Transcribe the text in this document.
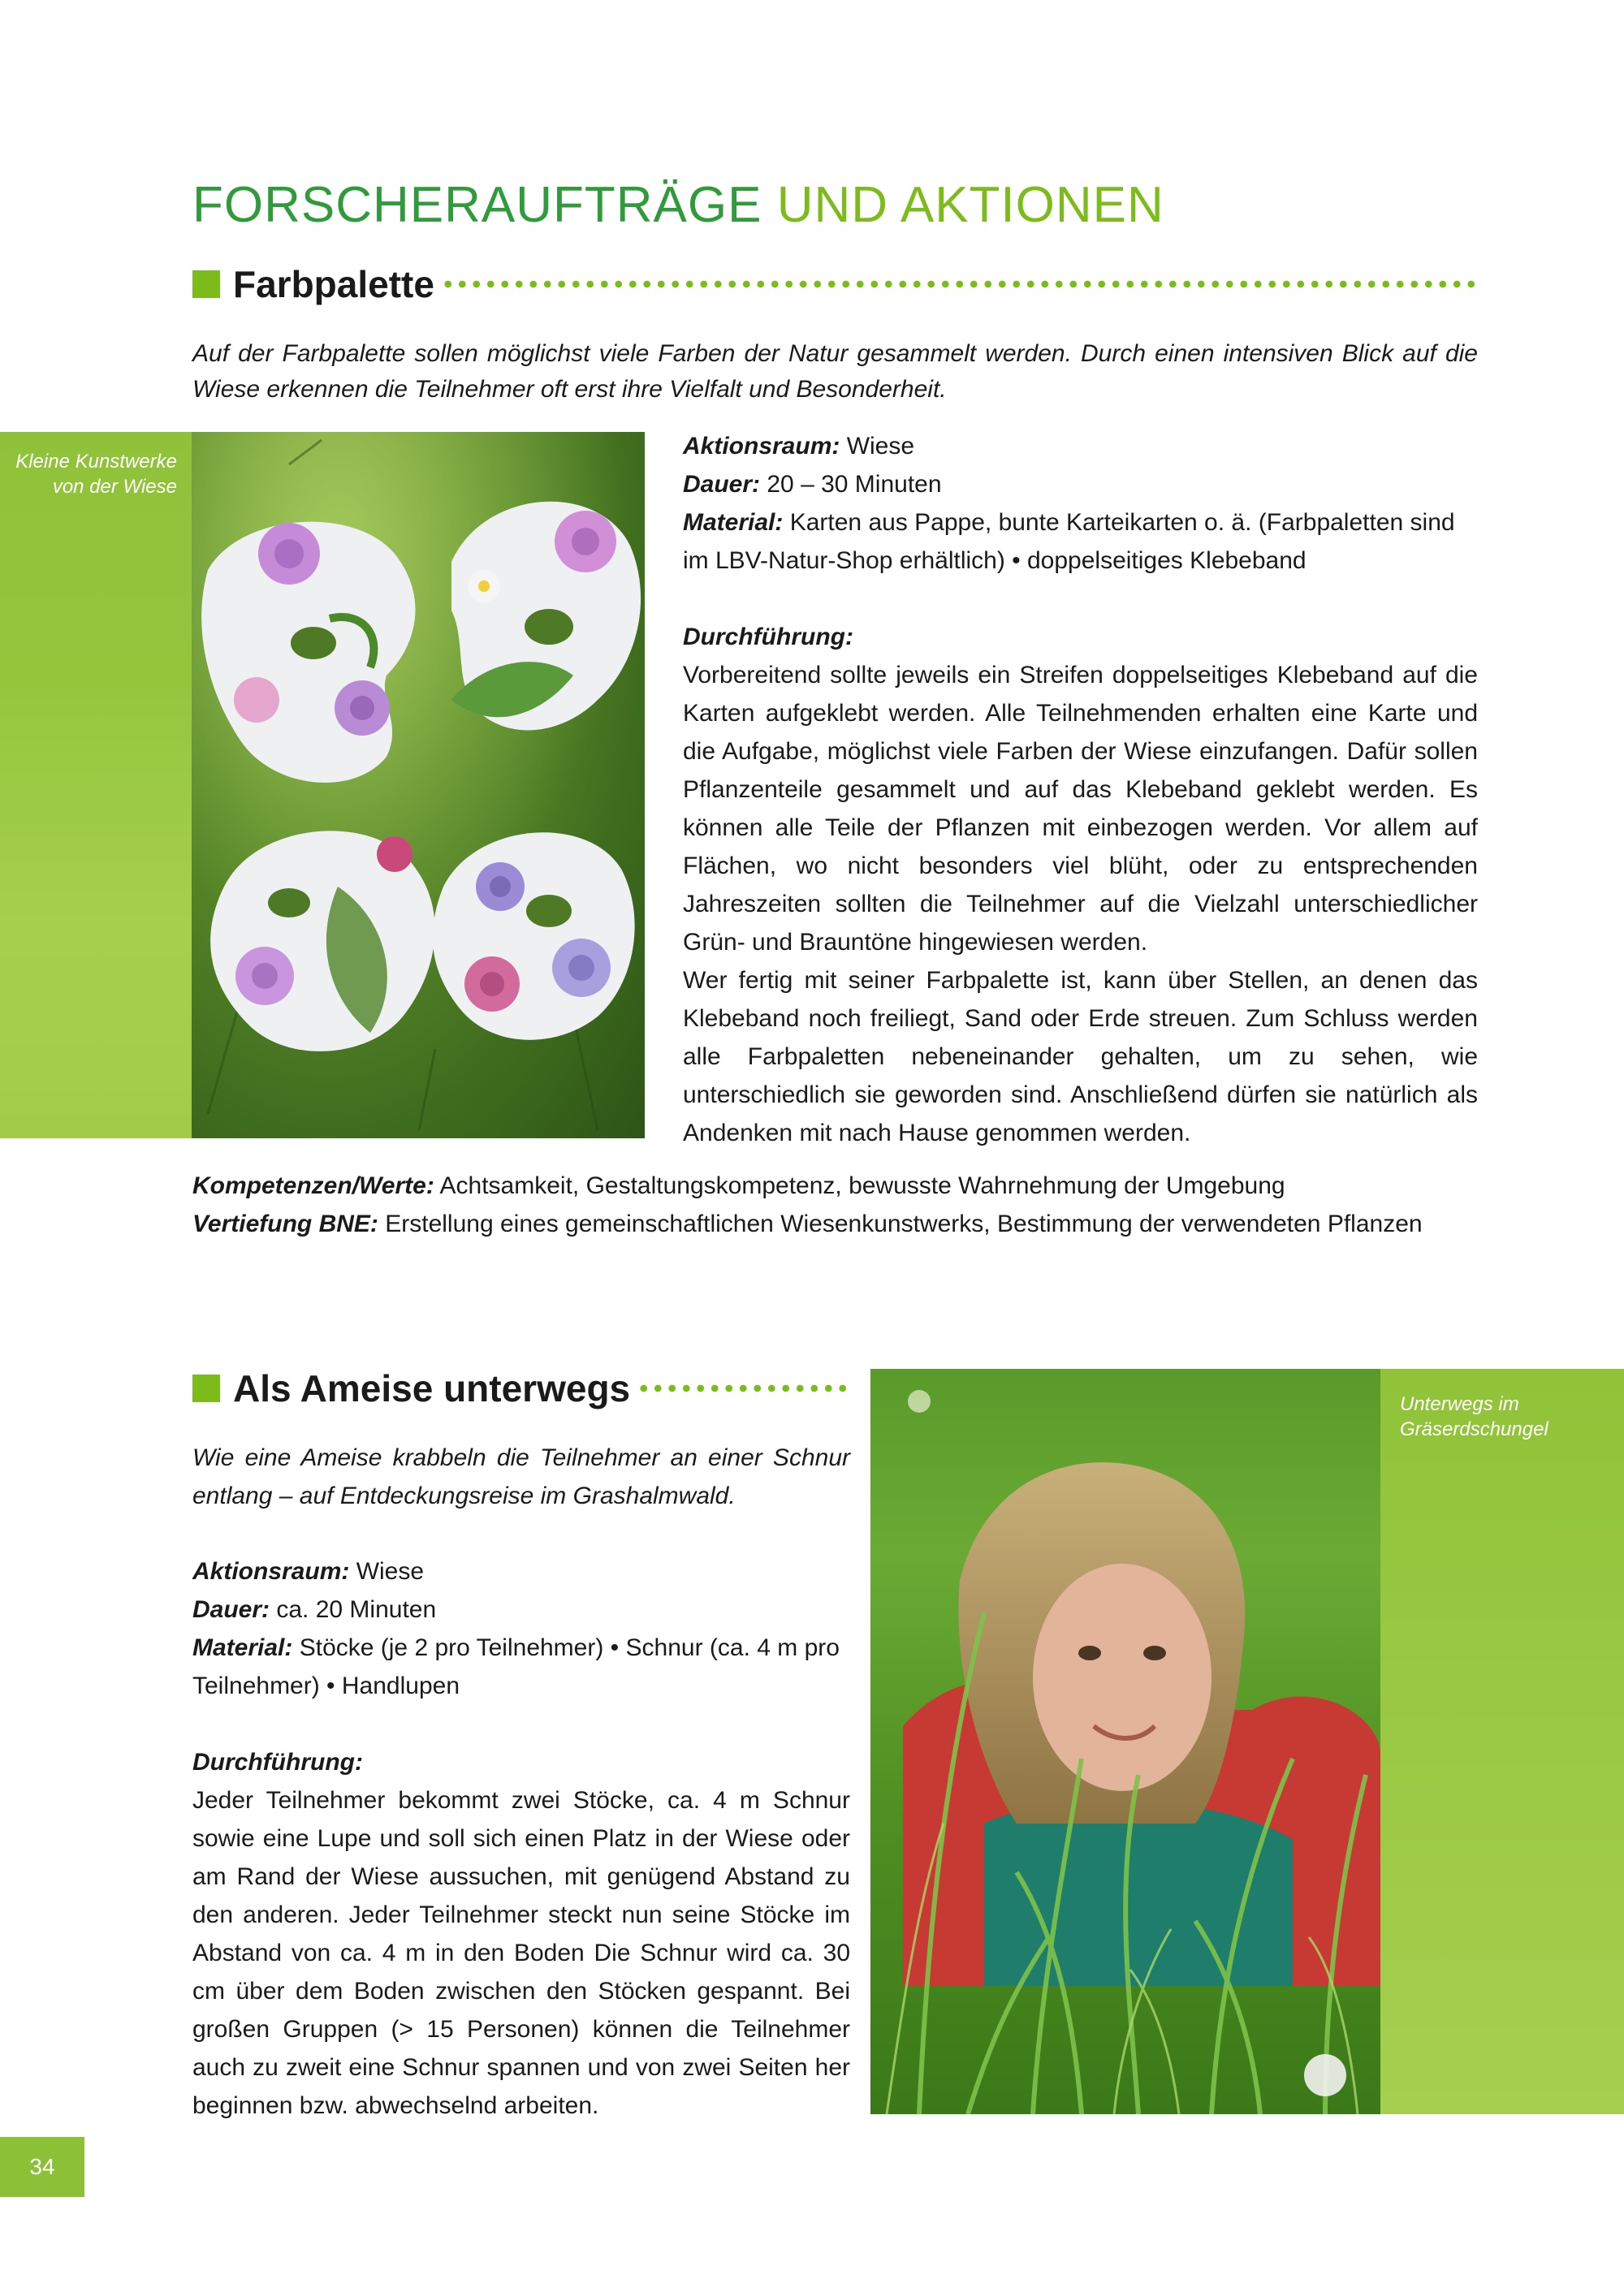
FORSCHERAUFTRÄGE UND AKTIONEN
Farbpalette
Auf der Farbpalette sollen möglichst viele Farben der Natur gesammelt werden. Durch einen intensiven Blick auf die Wiese erkennen die Teilnehmer oft erst ihre Vielfalt und Besonderheit.
Kleine Kunstwerke von der Wiese

Aktionsraum: Wiese

Dauer: 20 – 30 Minuten

Material: Karten aus Pappe, bunte Karteikarten o. ä. (Farbpaletten sind im LBV-Natur-Shop erhältlich) • doppelseitiges Klebeband

Durchführung:

Vorbereitend sollte jeweils ein Streifen doppelseitiges Klebeband auf die Karten aufgeklebt werden. Alle Teilnehmenden erhalten eine Karte und die Aufgabe, möglichst viele Farben der Wiese einzufangen. Dafür sollen Pflanzenteile gesammelt und auf das Klebeband geklebt werden. Es können alle Teile der Pflanzen mit einbezogen werden. Vor allem auf Flächen, wo nicht besonders viel blüht, oder zu entsprechenden Jahreszeiten sollten die Teilnehmer auf die Vielzahl unterschiedlicher Grün- und Brauntöne hingewiesen werden.

Wer fertig mit seiner Farbpalette ist, kann über Stellen, an denen das Klebeband noch freiliegt, Sand oder Erde streuen. Zum Schluss werden alle Farbpaletten nebeneinander gehalten, um zu sehen, wie unterschiedlich sie geworden sind. Anschließend dürfen sie natürlich als Andenken mit nach Hause genommen werden.

Kompetenzen/Werte: Achtsamkeit, Gestaltungskompetenz, bewusste Wahrnehmung der Umgebung

Vertiefung BNE: Erstellung eines gemeinschaftlichen Wiesenkunstwerks, Bestimmung der verwendeten Pflanzen

Als Ameise unterwegs
Wie eine Ameise krabbeln die Teilnehmer an einer Schnur entlang – auf Entdeckungsreise im Grashalmwald.

Aktionsraum: Wiese

Dauer: ca. 20 Minuten

Material: Stöcke (je 2 pro Teilnehmer) • Schnur (ca. 4 m pro Teilnehmer) • Handlupen

Durchführung:

Jeder Teilnehmer bekommt zwei Stöcke, ca. 4 m Schnur sowie eine Lupe und soll sich einen Platz in der Wiese oder am Rand der Wiese aussuchen, mit genügend Abstand zu den anderen. Jeder Teilnehmer steckt nun seine Stöcke im Abstand von ca. 4 m in den Boden Die Schnur wird ca. 30 cm über dem Boden zwischen den Stöcken gespannt. Bei großen Gruppen (> 15 Personen) können die Teilnehmer auch zu zweit eine Schnur spannen und von zwei Seiten her beginnen bzw. abwechselnd arbeiten.

Unterwegs im Gräserdschungel
34
